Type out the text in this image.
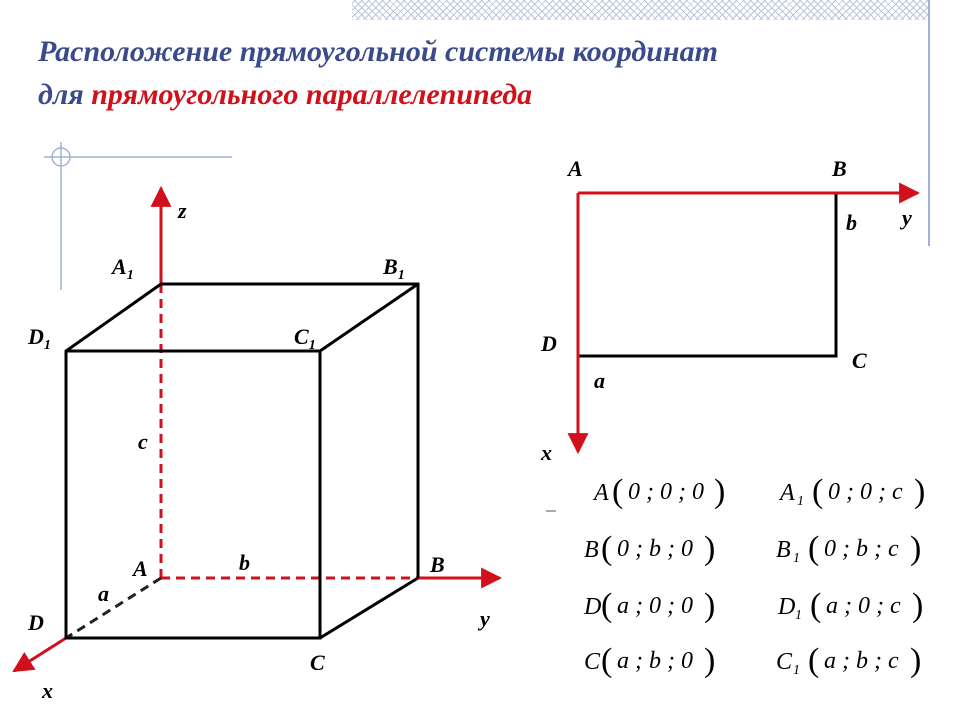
Расположение прямоугольной системы координат
для прямоугольного параллелепипеда
z
y
x
$A_1$	$B_1$
$D_1$	$C_1$
A	B
C
D
c
b
a
A	B
D
C
y
x
b
a
A ( 0 ; 0 ; 0 ) A 1 ( 0 ; 0 ; c )
B ( 0 ; b ; 0 )	B 1 ( 0 ; b ; c )
D ( a ; 0 ; 0 )	D 1 ( a ; 0 ; c )
C ( a ; b ; 0 )	C 1 ( a ; b ; c )
